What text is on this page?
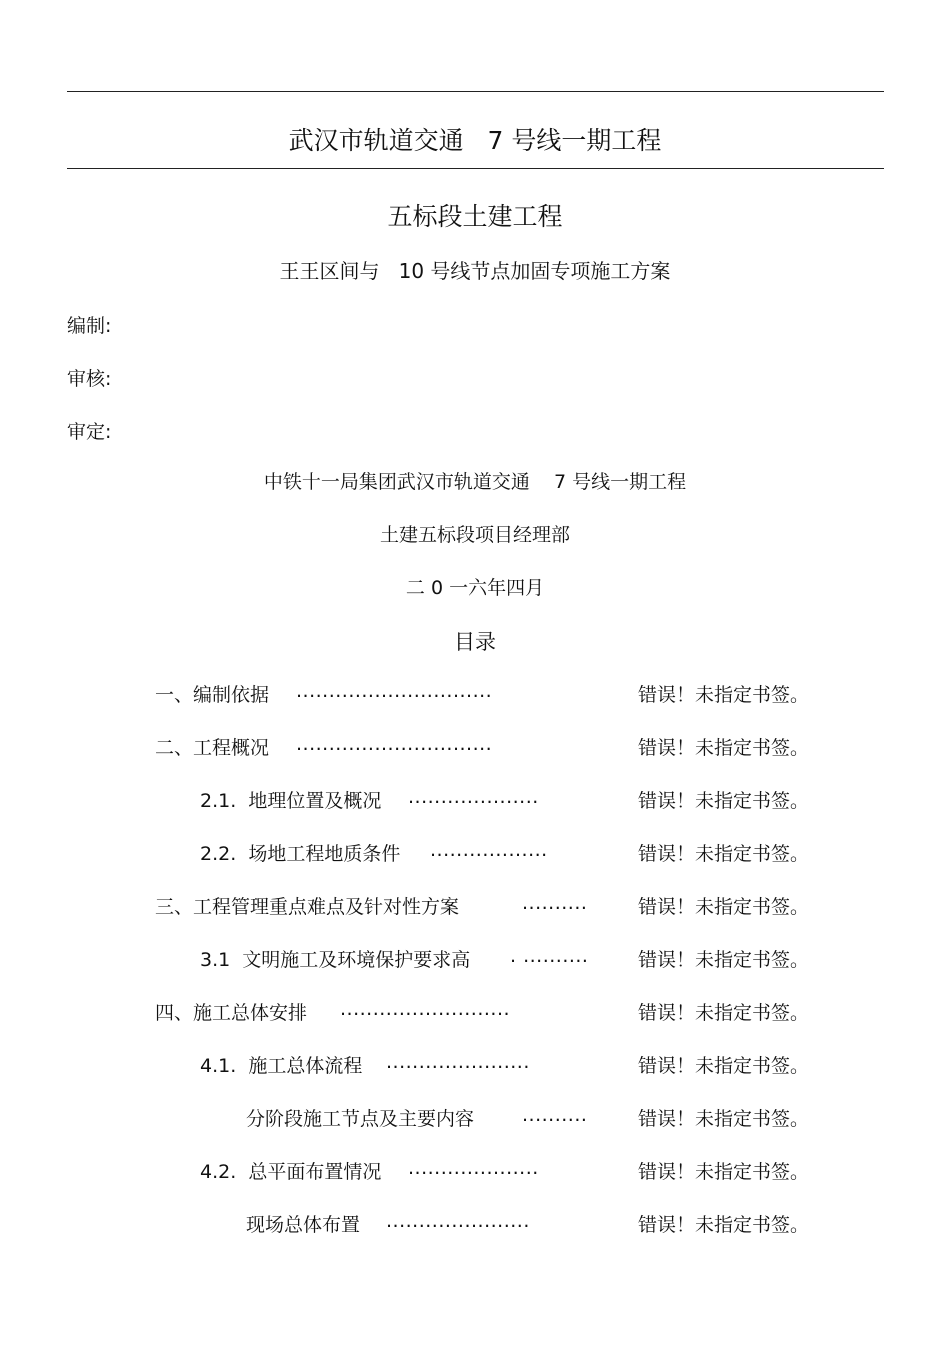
武汉市轨道交通   7 号线一期工程
五标段土建工程
王王区间与   10 号线节点加固专项施工方案
编制:
审核:
审定:
中铁十一局集团武汉市轨道交通    7 号线一期工程
土建五标段项目经理部
二 0 一六年四月
目录
一、编制依据 ..............................	错误！未指定书签。
二、工程概况 ..............................	错误！未指定书签。
2.1.  地理位置及概况 ....................	错误！未指定书签。
2.2.  场地工程地质条件 ..................	错误！未指定书签。
三、工程管理重点难点及针对性方案	..........	错误！未指定书签。
3.1  文明施工及环境保护要求高 . ..........	错误！未指定书签。
四、施工总体安排 ..........................	错误！未指定书签。
4.1.  施工总体流程 ......................	错误！未指定书签。
分阶段施工节点及主要内容	..........	错误！未指定书签。
4.2.  总平面布置情况 ....................	错误！未指定书签。
现场总体布置 ......................	错误！未指定书签。
